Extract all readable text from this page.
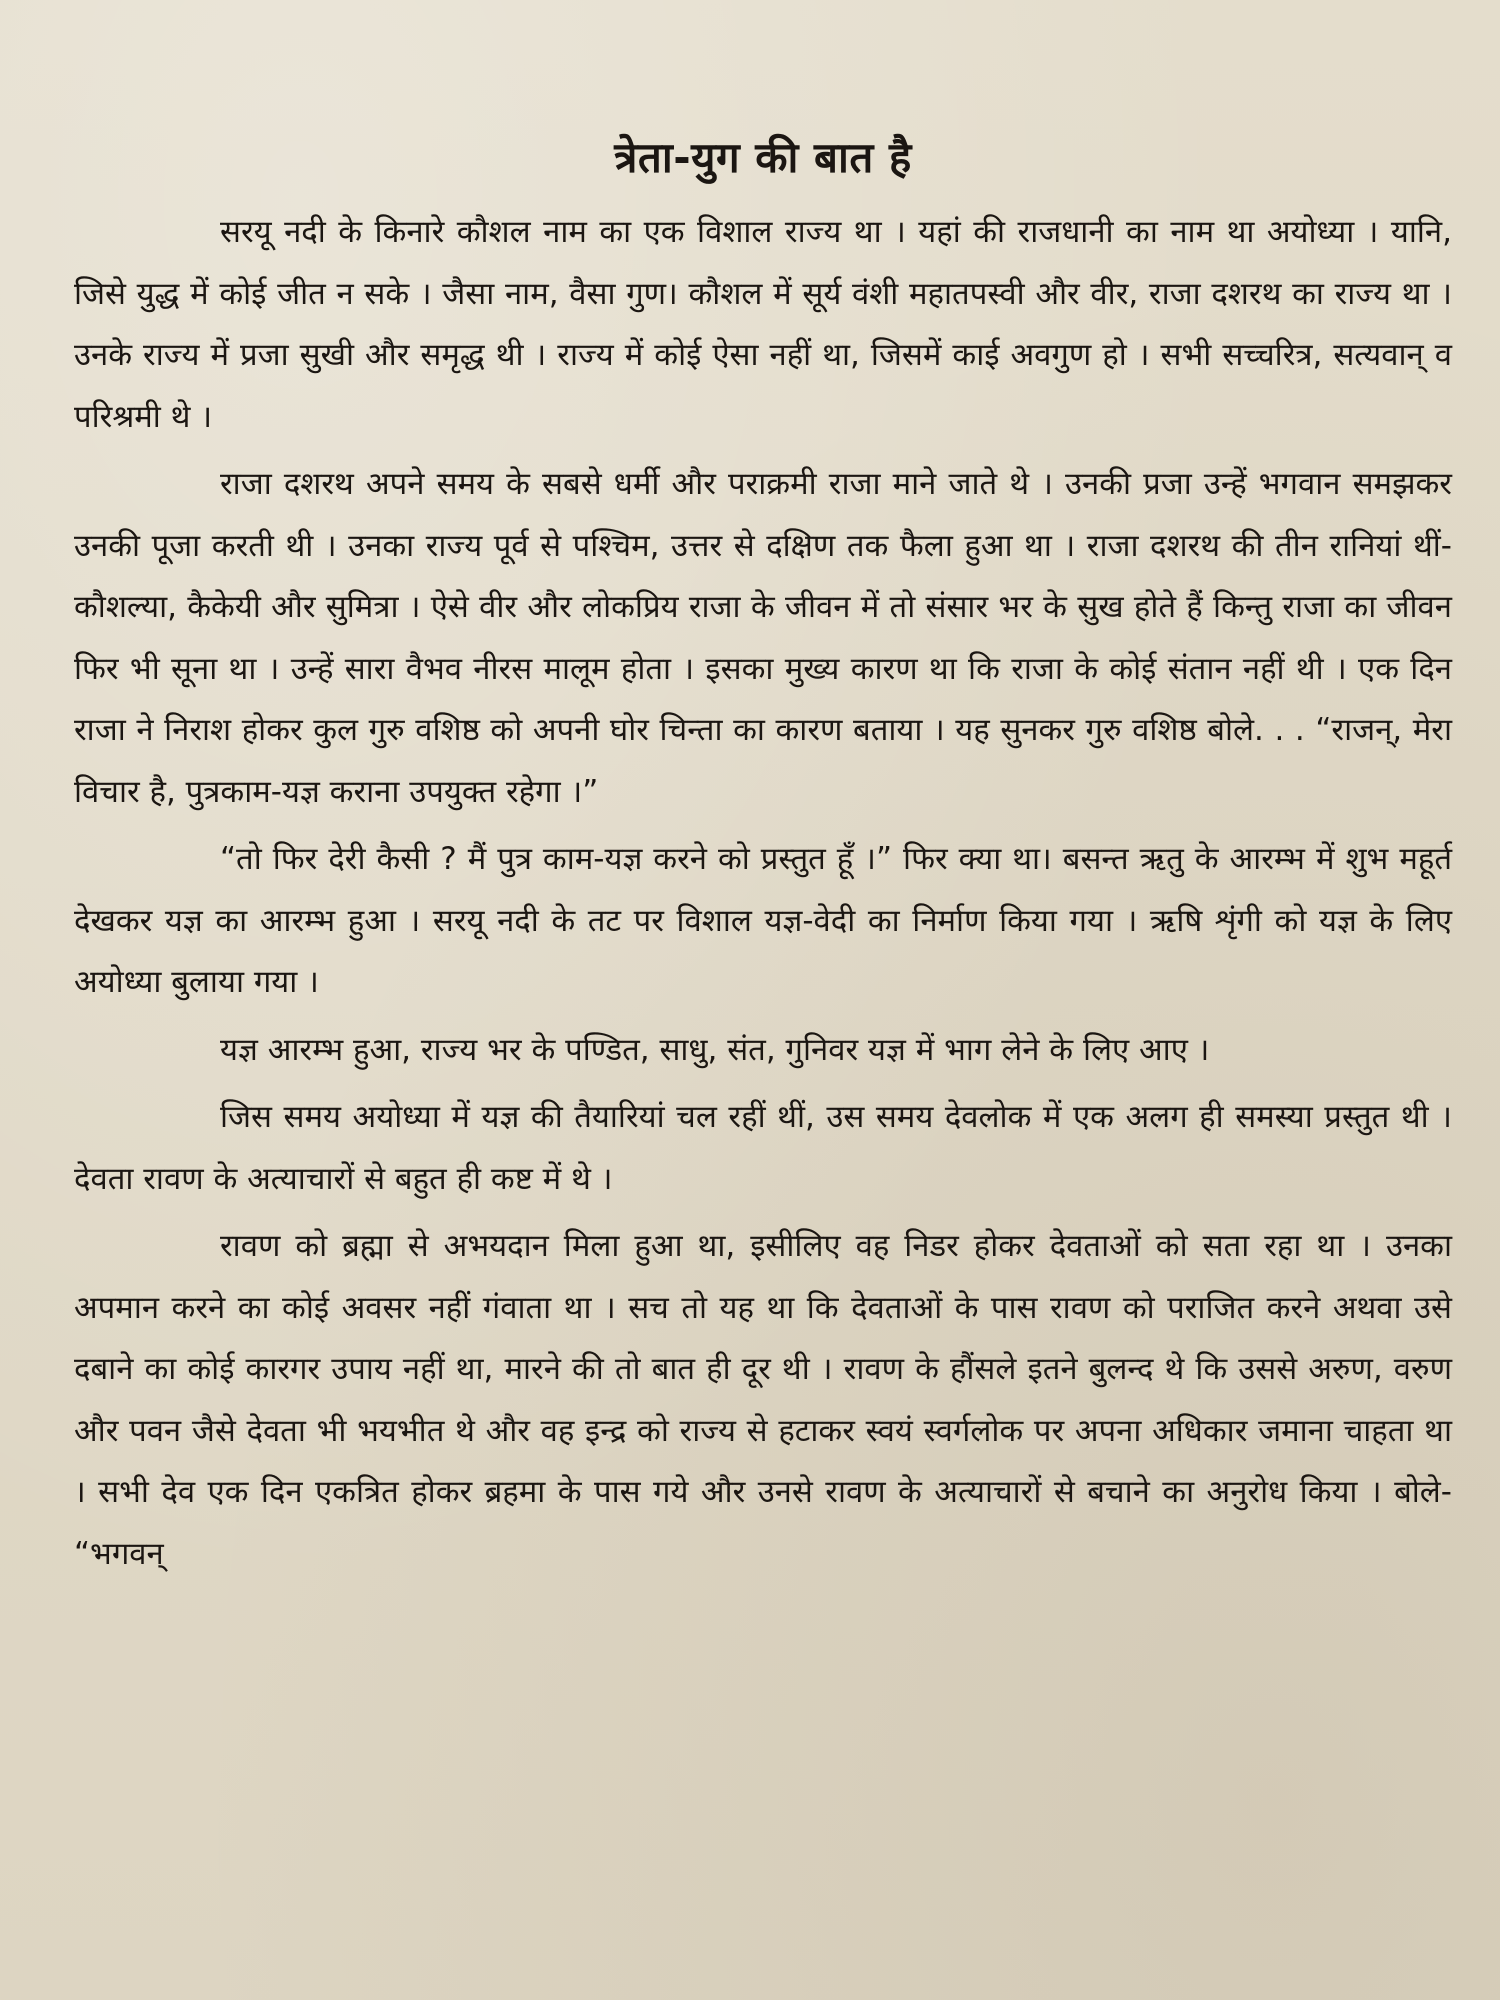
त्रेता-युग की बात है

सरयू नदी के किनारे कौशल नाम का एक विशाल राज्य था । यहां की राजधानी का नाम था अयोध्या । यानि, जिसे युद्ध में कोई जीत न सके । जैसा नाम, वैसा गुण। कौशल में सूर्य वंशी महातपस्वी और वीर, राजा दशरथ का राज्य था । उनके राज्य में प्रजा सुखी और समृद्ध थी । राज्य में कोई ऐसा नहीं था, जिसमें काई अवगुण हो । सभी सच्चरित्र, सत्यवान् व परिश्रमी थे ।

राजा दशरथ अपने समय के सबसे धर्मी और पराक्रमी राजा माने जाते थे । उनकी प्रजा उन्हें भगवान समझकर उनकी पूजा करती थी । उनका राज्य पूर्व से पश्चिम, उत्तर से दक्षिण तक फैला हुआ था । राजा दशरथ की तीन रानियां थीं- कौशल्या, कैकेयी और सुमित्रा । ऐसे वीर और लोकप्रिय राजा के जीवन में तो संसार भर के सुख होते हैं किन्तु राजा का जीवन फिर भी सूना था । उन्हें सारा वैभव नीरस मालूम होता । इसका मुख्य कारण था कि राजा के कोई संतान नहीं थी । एक दिन राजा ने निराश होकर कुल गुरु वशिष्ठ को अपनी घोर चिन्ता का कारण बताया । यह सुनकर गुरु वशिष्ठ बोले. . . “राजन्, मेरा विचार है, पुत्रकाम-यज्ञ कराना उपयुक्त रहेगा ।”

“तो फिर देरी कैसी ? मैं पुत्र काम-यज्ञ करने को प्रस्तुत हूँ ।” फिर क्या था। बसन्त ऋतु के आरम्भ में शुभ महूर्त देखकर यज्ञ का आरम्भ हुआ । सरयू नदी के तट पर विशाल यज्ञ-वेदी का निर्माण किया गया । ऋषि शृंगी को यज्ञ के लिए अयोध्या बुलाया गया ।

यज्ञ आरम्भ हुआ, राज्य भर के पण्डित, साधु, संत, गुनिवर यज्ञ में भाग लेने के लिए आए ।

जिस समय अयोध्या में यज्ञ की तैयारियां चल रहीं थीं, उस समय देवलोक में एक अलग ही समस्या प्रस्तुत थी । देवता रावण के अत्याचारों से बहुत ही कष्ट में थे ।

रावण को ब्रह्मा से अभयदान मिला हुआ था, इसीलिए वह निडर होकर देवताओं को सता रहा था । उनका अपमान करने का कोई अवसर नहीं गंवाता था । सच तो यह था कि देवताओं के पास रावण को पराजित करने अथवा उसे दबाने का कोई कारगर उपाय नहीं था, मारने की तो बात ही दूर थी । रावण के हौंसले इतने बुलन्द थे कि उससे अरुण, वरुण और पवन जैसे देवता भी भयभीत थे और वह इन्द्र को राज्य से हटाकर स्वयं स्वर्गलोक पर अपना अधिकार जमाना चाहता था । सभी देव एक दिन एकत्रित होकर ब्रहमा के पास गये और उनसे रावण के अत्याचारों से बचाने का अनुरोध किया । बोले- “भगवन्
